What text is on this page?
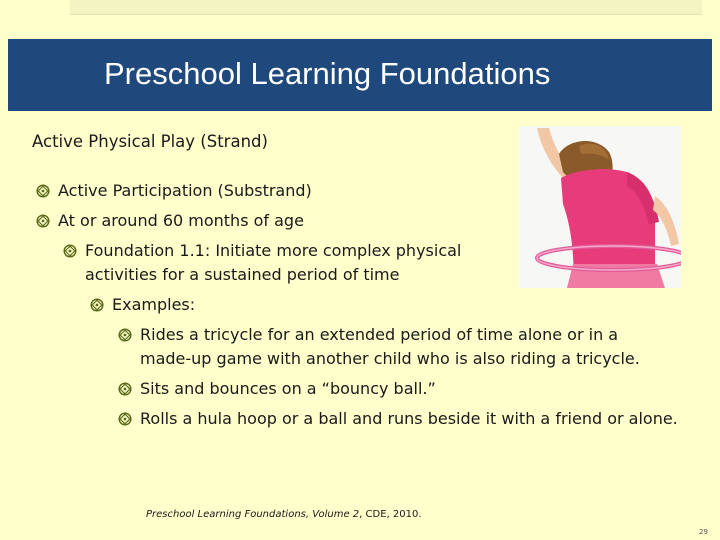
Preschool Learning Foundations
Active Physical Play (Strand)
Active Participation (Substrand)
At or around 60 months of age
Foundation 1.1: Initiate more complex physical
activities for a sustained period of time
Examples:
Rides a tricycle for an extended period of time alone or in a
made-up game with another child who is also riding a tricycle.
Sits and bounces on a “bouncy ball.”
Rolls a hula hoop or a ball and runs beside it with a friend or alone.
Preschool Learning Foundations, Volume 2, CDE, 2010.
29
